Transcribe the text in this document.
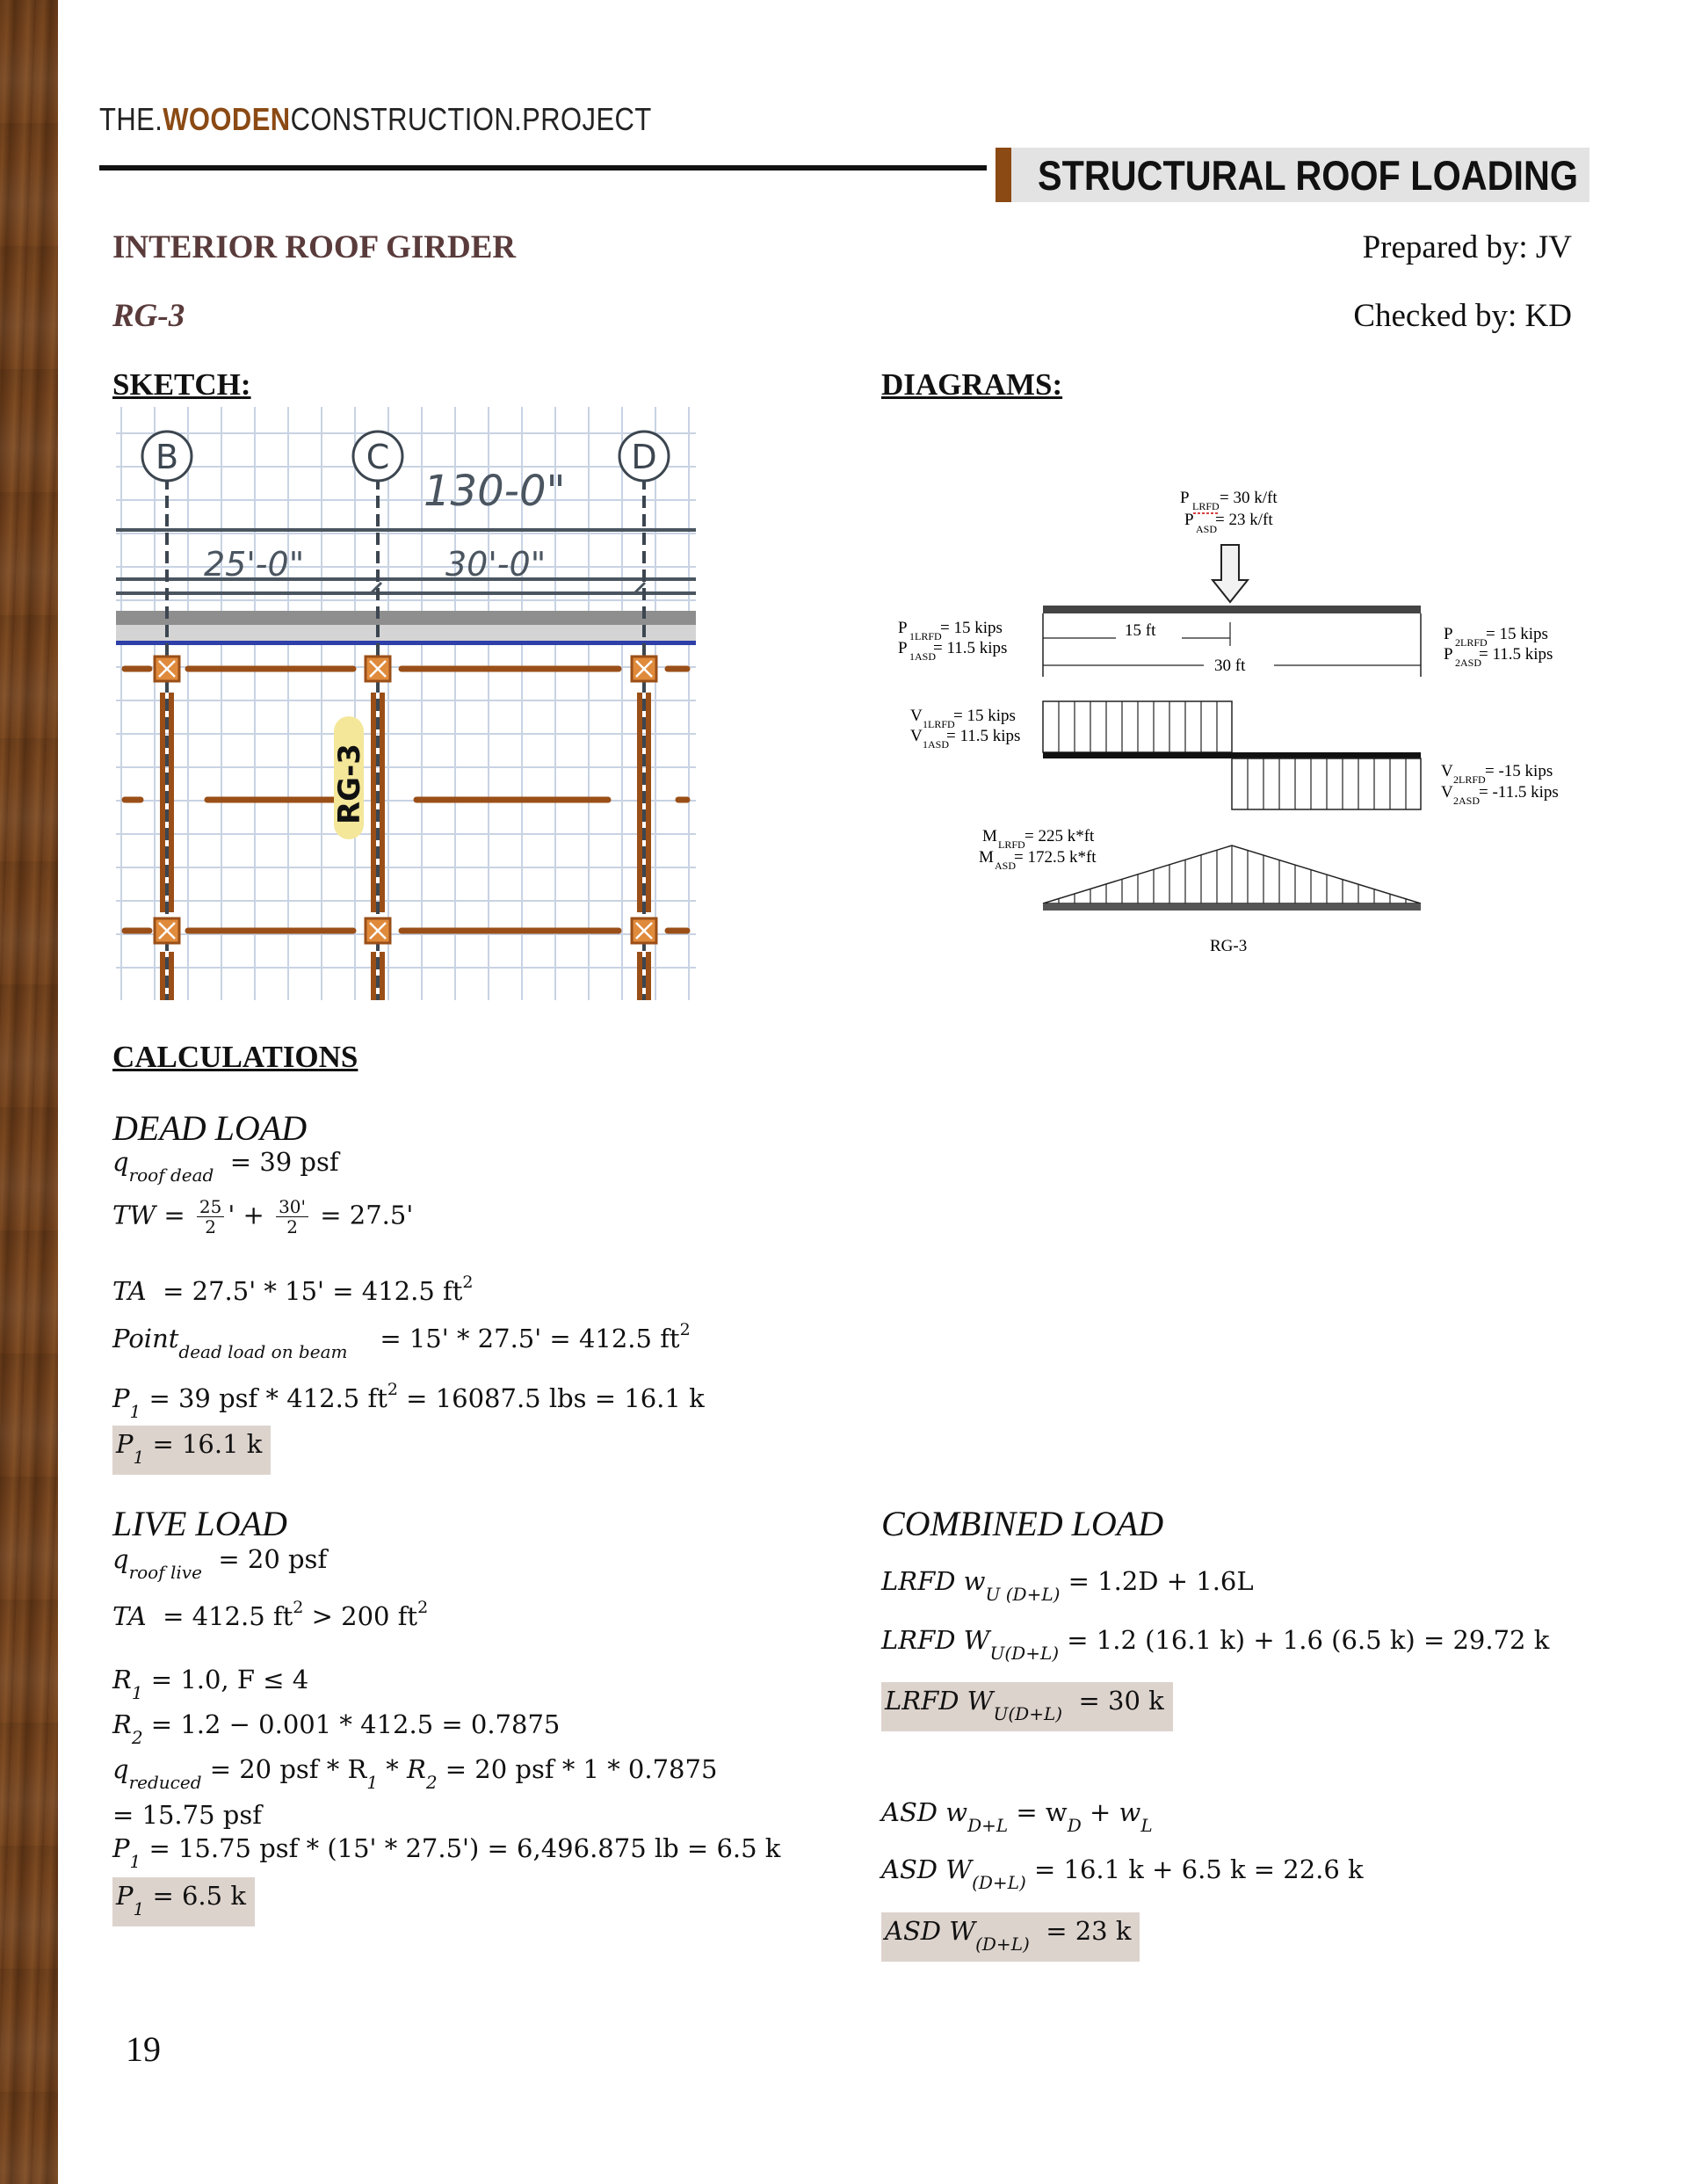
THE.WOODENCONSTRUCTION.PROJECT
STRUCTURAL ROOF LOADING
INTERIOR ROOF GIRDER
RG-3
Prepared by: JV
Checked by: KD
SKETCH:	DIAGRAMS:
B	C	D
130-0"
25'-0"	30'-0"
RG-3
P LRFD = 30 k/ft
P ASD
= 23 k/ft
15 ft
30 ft
P 1LRFD
= 15 kips
P 1ASD
= 11.5 kips
P 2LRFD
= 15 kips
P 2ASD
= 11.5 kips
V 1LRFD
= 15 kips
V 1ASD
= 11.5 kips
V 2LRFD = -15 kips
V 2ASD
= -11.5 kips
M LRFD = 225 k*ft
M ASD
= 172.5 k*ft
RG-3
CALCULATIONS
DEAD LOAD
$q_{roof dead} = 39$ psf
TW = $\frac{25}{2}$ ' + $\frac{30'}{2} = 27.5'$
TA = 27.5' * 15' = 412.5 $ft^2$
Point$_{dead load on beam}$ = 15' * 27.5' = 412.5 $ft^2$
$P_1 = 39$ psf * 412.5 $ft^2 = 16087.5$ lbs = 16.1 k
$P_1 = 16.1$ k
LIVE LOAD
$q_{roof live} = 20$ psf
TA = 412.5 $ft^2 > 200$ $ft^2$
$R_1 = 1.0$, F ≤ 4
$R_2 = 1.2 - 0.001 * 412.5 = 0.7875$
$q_{reduced} = 20$ psf * $R_1 * R_2 = 20$ psf * 1 * 0.7875
= 15.75 psf
$P_1 = 15.75$ psf * (15' * 27.5') = 6,496.875 lb = 6.5 k
$P_1 = 6.5$ k
COMBINED LOAD
LRFD $w_{U (D+L)} = 1.2D + 1.6L$
LRFD $W_{U(D+L)} = 1.2$ (16.1 k) + 1.6 (6.5 k) = 29.72 k
LRFD $W_{U(D+L)} = 30$ k
ASD $w_{D+L} = w_D + w_L$
ASD $W_{(D+L)} = 16.1$ k + 6.5 k = 22.6 k
ASD $W_{(D+L)} = 23$ k
19
